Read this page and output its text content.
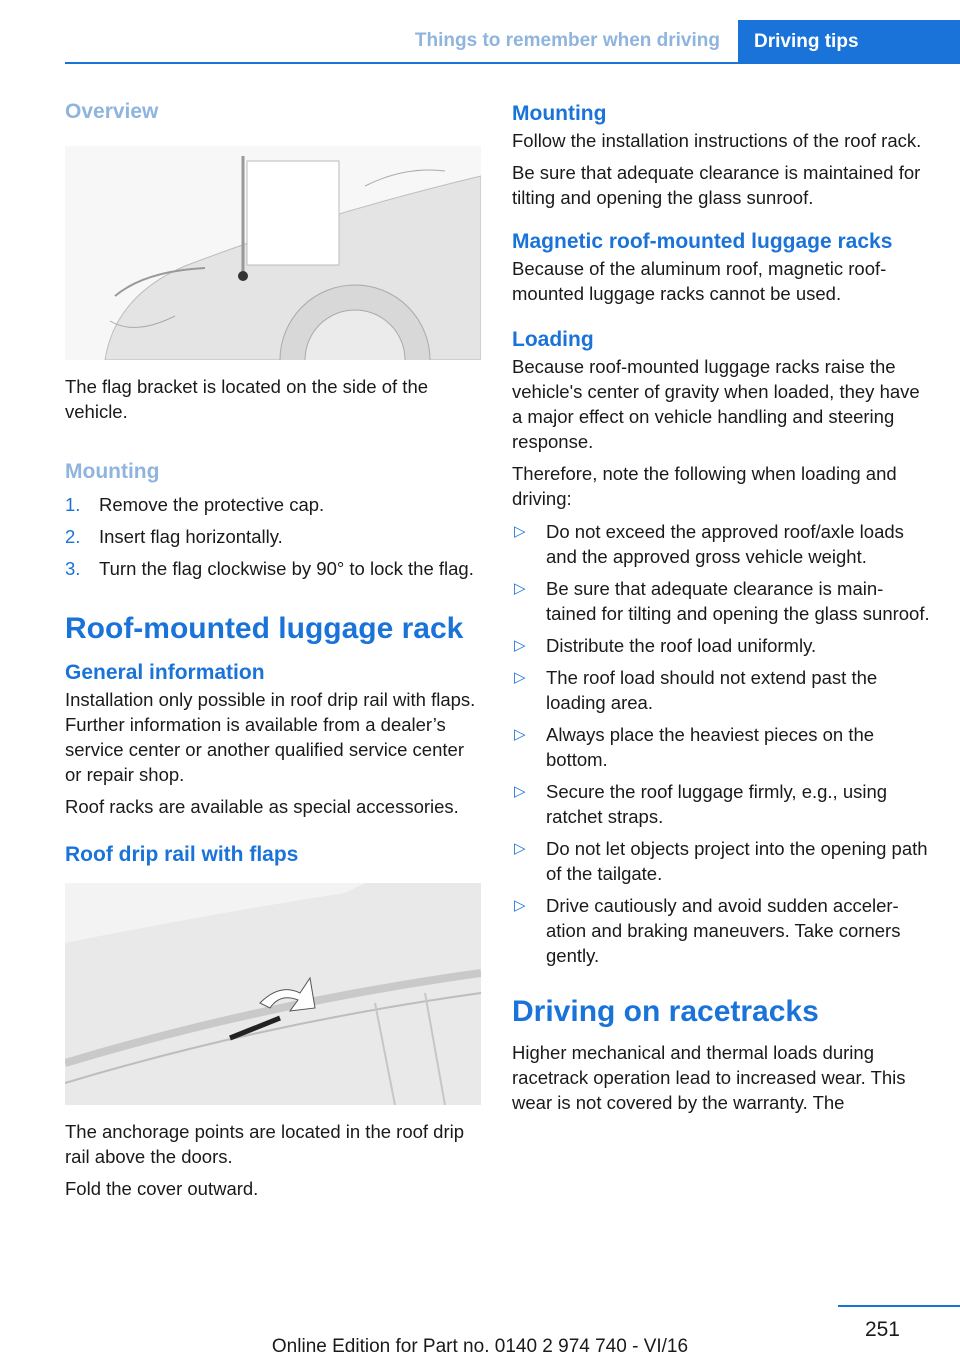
Things to remember when driving Driving tips
Overview

The flag bracket is located on the side of the vehicle.

Mounting
1. Remove the protective cap.
2. Insert flag horizontally.
3. Turn the flag clockwise by 90° to lock the flag.
Roof-mounted luggage rack
General information

Installation only possible in roof drip rail with flaps. Further information is available from a dealer’s service center or another qualified service center or repair shop.

Roof racks are available as special accessories.

Roof drip rail with flaps

The anchorage points are located in the roof drip rail above the doors.

Fold the cover outward.

Mounting

Follow the installation instructions of the roof rack.

Be sure that adequate clearance is maintained for tilting and opening the glass sunroof.

Magnetic roof-mounted luggage racks

Because of the aluminum roof, magnetic roof-mounted luggage racks cannot be used.

Loading

Because roof-mounted luggage racks raise the vehicle's center of gravity when loaded, they have a major effect on vehicle handling and steering response.

Therefore, note the following when loading and driving:

▷ Do not exceed the approved roof/axle loads and the approved gross vehicle weight.
▷ Be sure that adequate clearance is main-tained for tilting and opening the glass sunroof.
▷ Distribute the roof load uniformly.
▷ The roof load should not extend past the loading area.
▷ Always place the heaviest pieces on the bottom.
▷ Secure the roof luggage firmly, e.g., using ratchet straps.
▷ Do not let objects project into the opening path of the tailgate.
▷ Drive cautiously and avoid sudden acceler-ation and braking maneuvers. Take corners gently.
Driving on racetracks

Higher mechanical and thermal loads during racetrack operation lead to increased wear. This wear is not covered by the warranty. The

251
Online Edition for Part no. 0140 2 974 740 - VI/16
